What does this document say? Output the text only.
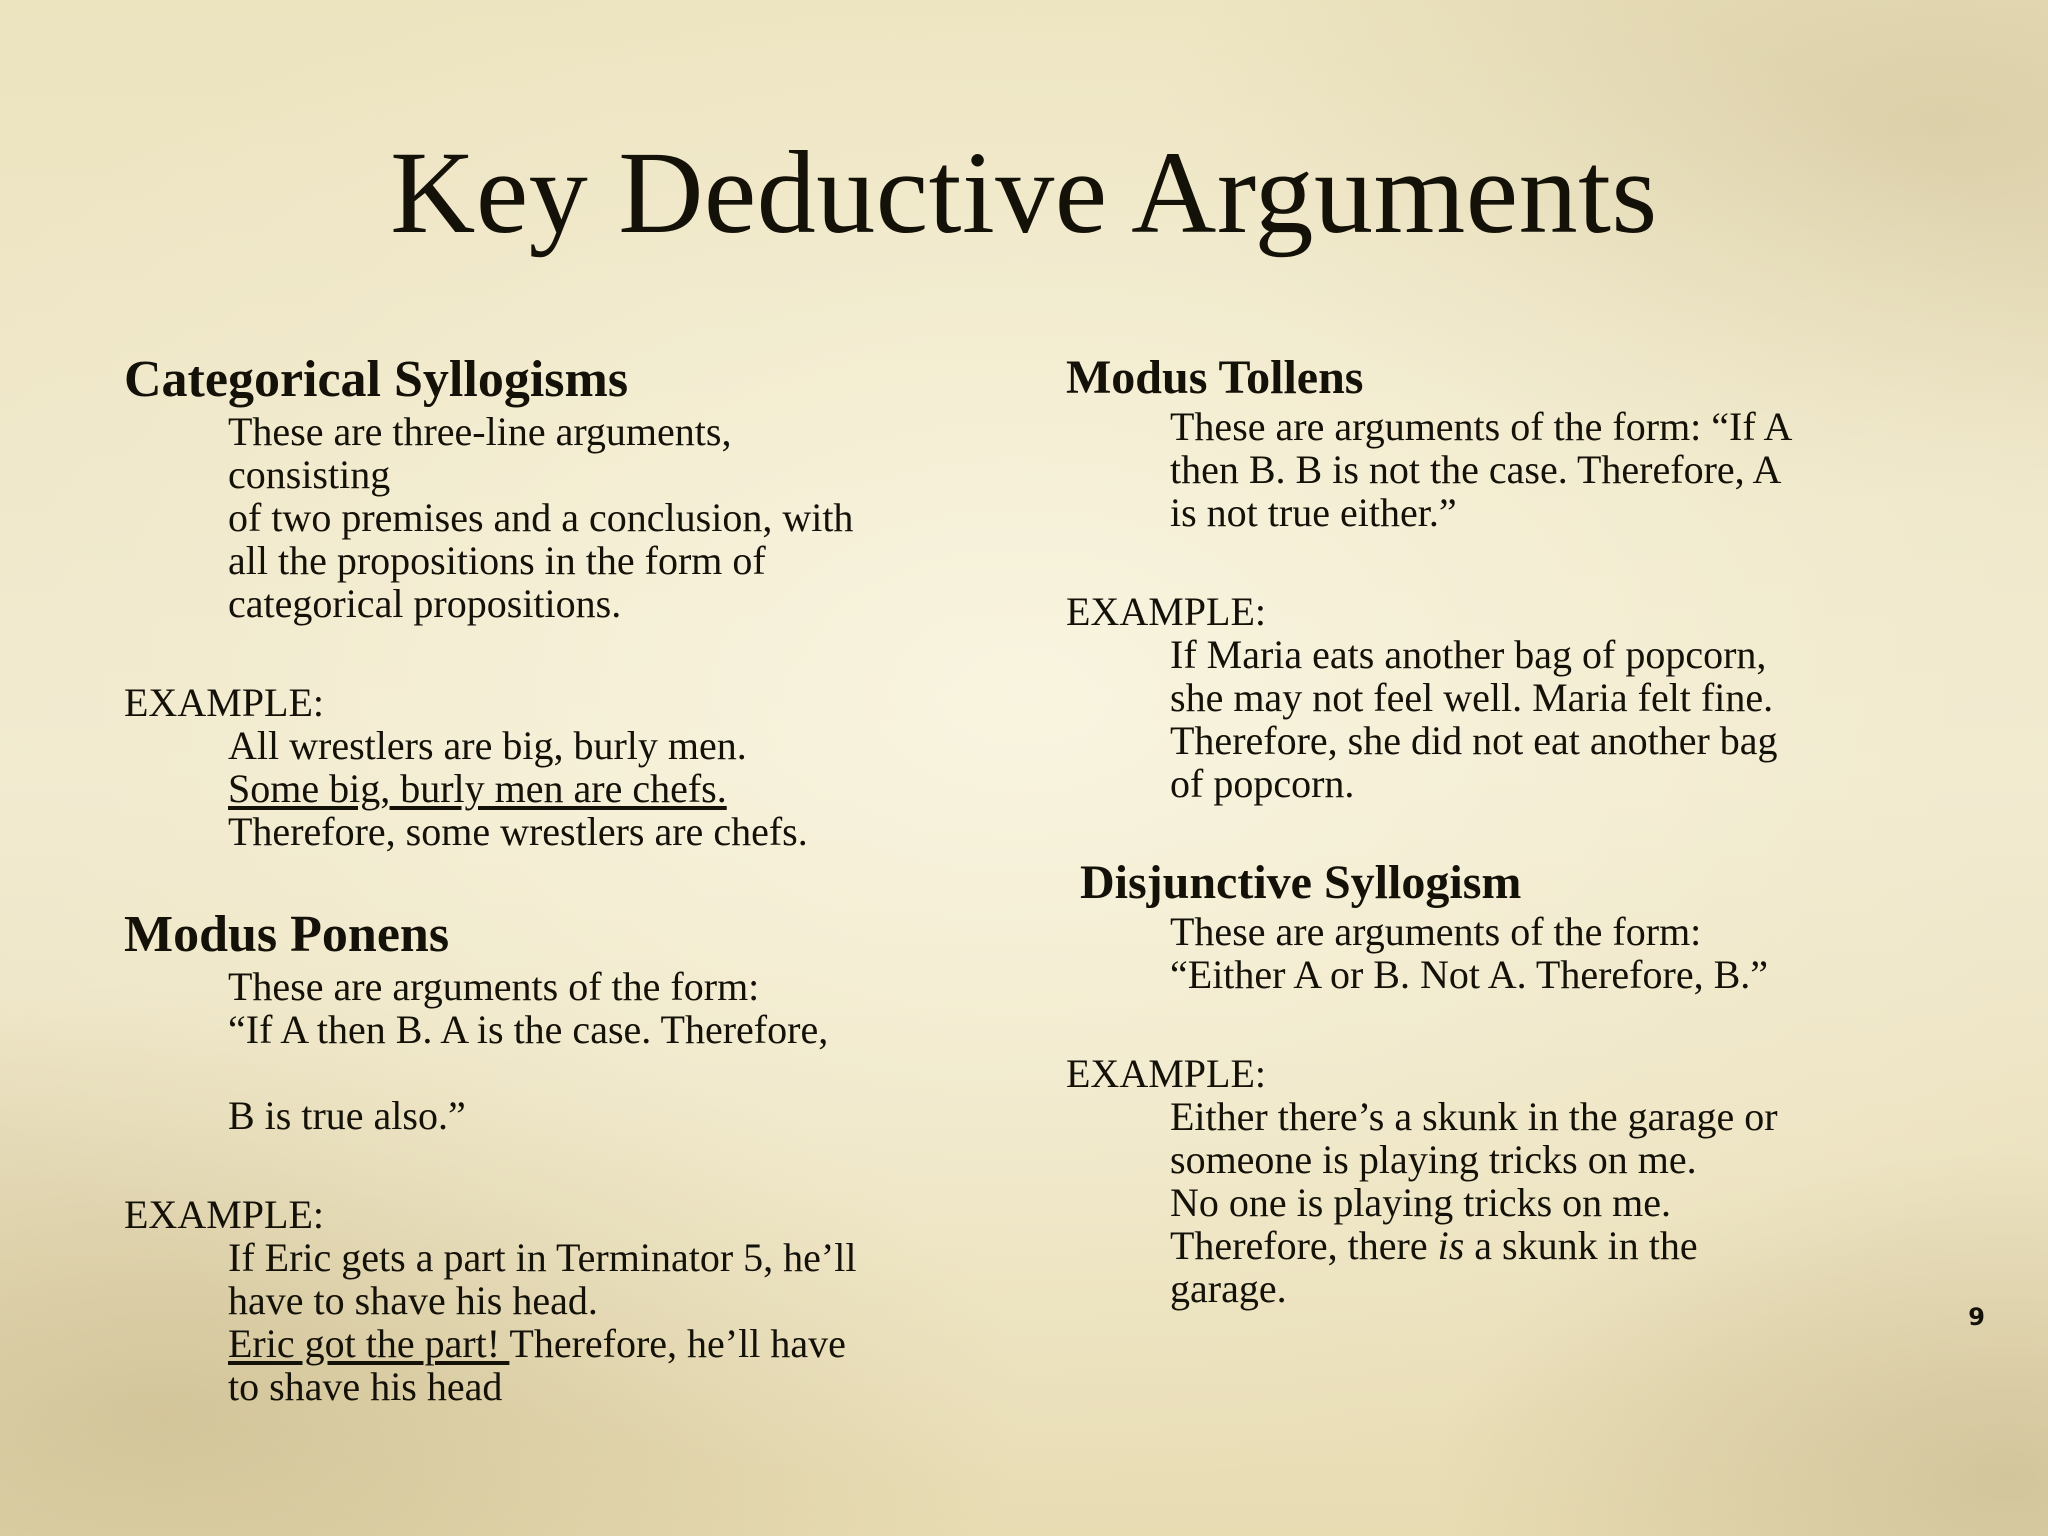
Key Deductive Arguments

Categorical Syllogisms

These are three-line arguments,
consisting
of two premises and a conclusion, with
all the propositions in the form of
categorical propositions.

EXAMPLE:

All wrestlers are big, burly men.
Some big, burly men are chefs.
Therefore, some wrestlers are chefs.

Modus Ponens

These are arguments of the form:
“If A then B. A is the case. Therefore,
B is true also.”

EXAMPLE:

If Eric gets a part in Terminator 5, he’ll
have to shave his head.
Eric got the part! Therefore, he’ll have
to shave his head

Modus Tollens

These are arguments of the form: “If A
then B. B is not the case. Therefore, A
is not true either.”

EXAMPLE:

If Maria eats another bag of popcorn,
she may not feel well. Maria felt fine.
Therefore, she did not eat another bag
of popcorn.

Disjunctive Syllogism

These are arguments of the form:
“Either A or B. Not A. Therefore, B.”

EXAMPLE:

Either there’s a skunk in the garage or
someone is playing tricks on me.
No one is playing tricks on me.
Therefore, there is a skunk in the
garage.

9
